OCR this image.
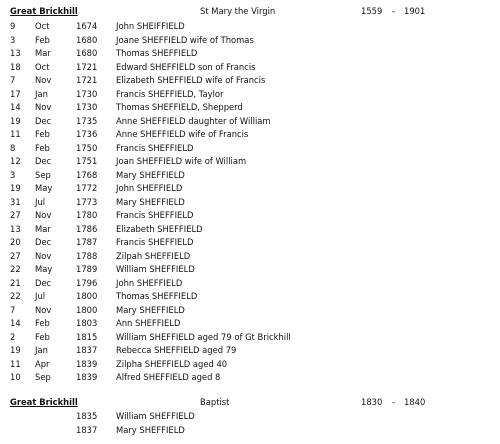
Great Brickhill	St Mary the Virgin	1559 - 1901
9 Oct	1674 John SHEIFFIELD
3 Feb	1680 Joane SHEFFIELD wife of Thomas
13 Mar	1680 Thomas SHEFFIELD
18 Oct	1721 Edward SHEFFIELD son of Francis
7 Nov	1721 Elizabeth SHEFFIELD wife of Francis
17 Jan	1730 Francis SHEFFIELD, Taylor
14 Nov	1730 Thomas SHEFFIELD, Shepperd
19 Dec	1735 Anne SHEFFIELD daughter of William
11 Feb	1736 Anne SHEFFIELD wife of Francis
8 Feb	1750 Francis SHEFFIELD
12 Dec	1751 Joan SHEFFIELD wife of William
3 Sep	1768 Mary SHEFFIELD
19 May	1772 John SHEFFIELD
31 Jul	1773 Mary SHEFFIELD
27 Nov	1780 Francis SHEFFIELD
13 Mar	1786 Elizabeth SHEFFIELD
20 Dec	1787 Francis SHEFFIELD
27 Nov	1788 Zilpah SHEFFIELD
22 May	1789 William SHEFFIELD
21 Dec	1796 John SHEFFIELD
22 Jul	1800 Thomas SHEFFIELD
7 Nov	1800 Mary SHEFFIELD
14 Feb	1803 Ann SHEFFIELD
2 Feb	1815 William SHEFFIELD aged 79 of Gt Brickhill
19 Jan	1837 Rebecca SHEFFIELD aged 79
11 Apr	1839 Zilpha SHEFFIELD aged 40
10 Sep	1839 Alfred SHEFFIELD aged 8
Great Brickhill	Baptist	1830 - 1840
1835 William SHEFFIELD
1837 Mary SHEFFIELD
